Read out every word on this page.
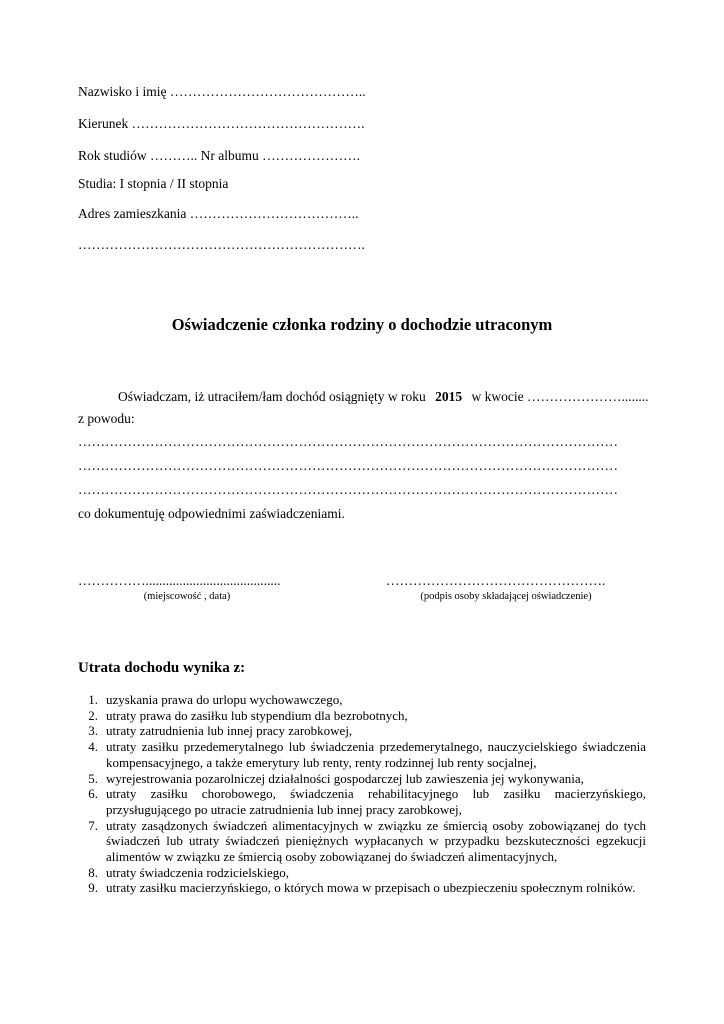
Nazwisko i imię ……………………………………..
Kierunek …………………………………………….
Rok studiów ……….. Nr albumu ………………….
Studia: I stopnia / II stopnia
Adres zamieszkania ………………………………..
……………………………………………………….
Oświadczenie członka rodziny o dochodzie utraconym
Oświadczam, iż utraciłem/łam dochód osiągnięty w roku 2015 w kwocie …………………........
z powodu:
…………………………………………………………………………………………………………
…………………………………………………………………………………………………………
…………………………………………………………………………………………………………
co dokumentuję odpowiednimi zaświadczeniami.
……………........................................
(miejscowość , data)
………………………………………….
(podpis osoby składającej oświadczenie)
Utrata dochodu wynika z:
1. uzyskania prawa do urlopu wychowawczego,
2. utraty prawa do zasiłku lub stypendium dla bezrobotnych,
3. utraty zatrudnienia lub innej pracy zarobkowej,
4. utraty zasiłku przedemerytalnego lub świadczenia przedemerytalnego, nauczycielskiego świadczenia kompensacyjnego, a także emerytury lub renty, renty rodzinnej lub renty socjalnej,
5. wyrejestrowania pozarolniczej działalności gospodarczej lub zawieszenia jej wykonywania,
6. utraty zasiłku chorobowego, świadczenia rehabilitacyjnego lub zasiłku macierzyńskiego, przysługującego po utracie zatrudnienia lub innej pracy zarobkowej,
7. utraty zasądzonych świadczeń alimentacyjnych w związku ze śmiercią osoby zobowiązanej do tych świadczeń lub utraty świadczeń pieniężnych wypłacanych w przypadku bezskuteczności egzekucji alimentów w związku ze śmiercią osoby zobowiązanej do świadczeń alimentacyjnych,
8. utraty świadczenia rodzicielskiego,
9. utraty zasiłku macierzyńskiego, o których mowa w przepisach o ubezpieczeniu społecznym rolników.
